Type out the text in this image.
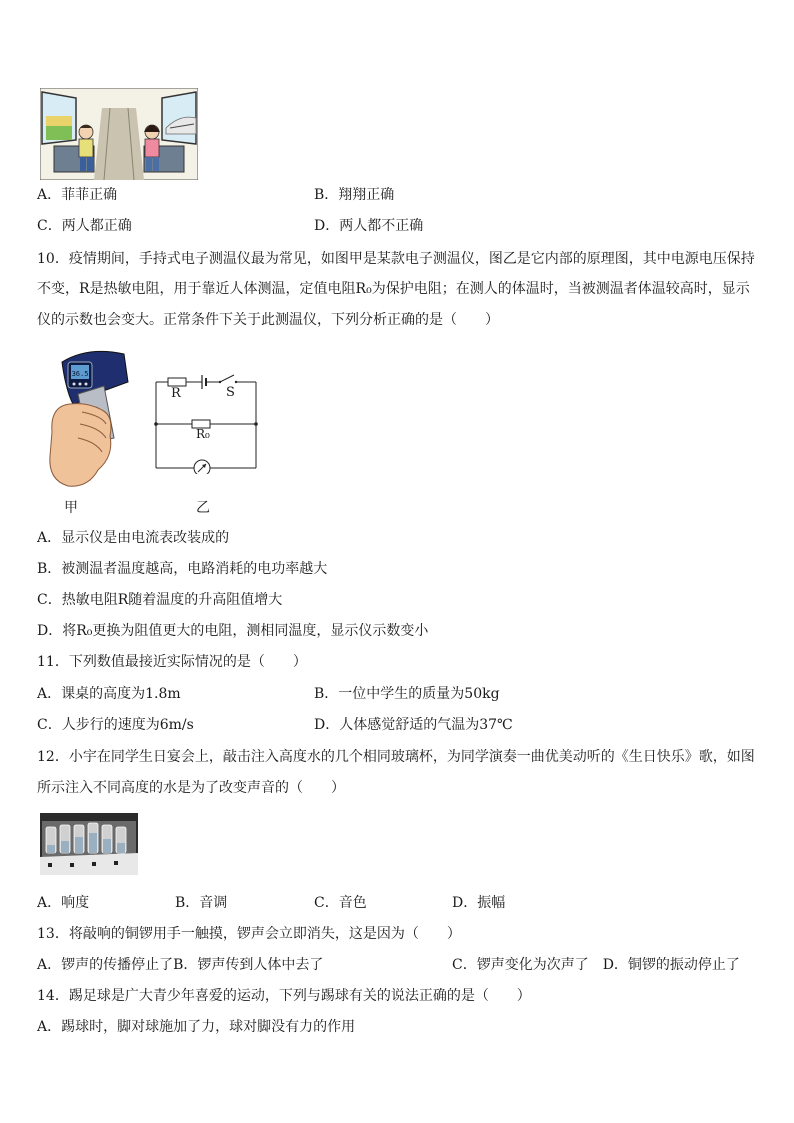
A．菲菲正确	B．翔翔正确
C．两人都正确	D．两人都不正确
10．疫情期间，手持式电子测温仪最为常见，如图甲是某款电子测温仪，图乙是它内部的原理图，其中电源电压保持
不变，R是热敏电阻，用于靠近人体测温，定值电阻R₀为保护电阻；在测人的体温时，当被测温者体温较高时，显示
仪的示数也会变大。正常条件下关于此测温仪，下列分析正确的是（　　）
36.5
甲
R	S
R₀
乙
A．显示仪是由电流表改装成的
B．被测温者温度越高，电路消耗的电功率越大
C．热敏电阻R随着温度的升高阻值增大
D．将R₀更换为阻值更大的电阻，测相同温度，显示仪示数变小
11．下列数值最接近实际情况的是（　　）
A．课桌的高度为1.8m	B．一位中学生的质量为50kg
C．人步行的速度为6m/s	D．人体感觉舒适的气温为37℃
12．小宇在同学生日宴会上，敲击注入高度水的几个相同玻璃杯，为同学演奏一曲优美动听的《生日快乐》歌，如图
所示注入不同高度的水是为了改变声音的（　　）
A．响度	B．音调	C．音色	D．振幅
13．将敲响的铜锣用手一触摸，锣声会立即消失，这是因为（　　）
A．锣声的传播停止了B．锣声传到人体中去了	C．锣声变化为次声了　D．铜锣的振动停止了
14．踢足球是广大青少年喜爱的运动，下列与踢球有关的说法正确的是（　　）
A．踢球时，脚对球施加了力，球对脚没有力的作用
